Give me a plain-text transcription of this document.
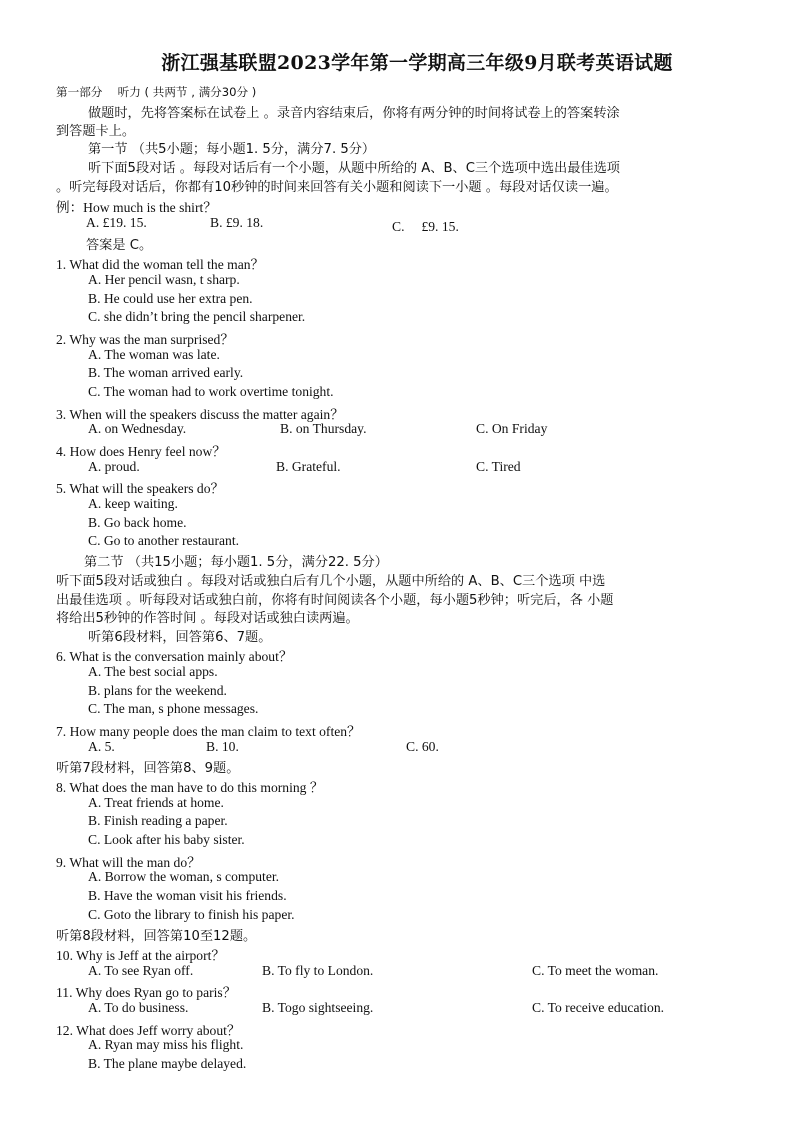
浙江强基联盟2023学年第一学期高三年级9月联考英语试题
第一部分　 听力 ( 共两节 , 满分30分 )
做题时，先将答案标在试卷上 。录音内容结束后，你将有两分钟的时间将试卷上的答案转涂
到答题卡上。
第一节 （共5小题；每小题1. 5分，满分7. 5分）
听下面5段对话 。每段对话后有一个小题，从题中所给的 A、B、C三个选项中选出最佳选项
。听完每段对话后，你都有10秒钟的时间来回答有关小题和阅读下一小题 。每段对话仅读一遍。
例：How much is the shirt？
A. £19. 15.	B. £9. 18.	C.　 £9. 15.
答案是 C。
1. What did the woman tell the man？
A. Her pencil wasn, t sharp.
B. He could use her extra pen.
C. she didn’t bring the pencil sharpener.
2. Why was the man surprised？
A. The woman was late.
B. The woman arrived early.
C. The woman had to work overtime tonight.
3. When will the speakers discuss the matter again？
A. on Wednesday.	B. on Thursday.	C. On Friday
4. How does Henry feel now？
A. proud.	B. Grateful.	C. Tired
5. What will the speakers do？
A. keep waiting.
B. Go back home.
C. Go to another restaurant.
第二节 （共15小题；每小题1. 5分，满分22. 5分）
听下面5段对话或独白 。每段对话或独白后有几个小题，从题中所给的 A、B、C三个选项 中选
出最佳选项 。听每段对话或独白前，你将有时间阅读各个小题，每小题5秒钟；听完后，各 小题
将给出5秒钟的作答时间 。每段对话或独白读两遍。
听第6段材料，回答第6、7题。
6. What is the conversation mainly about？
A. The best social apps.
B. plans for the weekend.
C. The man, s phone messages.
7. How many people does the man claim to text often？
A. 5.	B. 10.	C. 60.
听第7段材料，回答第8、9题。
8. What does the man have to do this morning ？
A. Treat friends at home.
B. Finish reading a paper.
C. Look after his baby sister.
9. What will the man do？
A. Borrow the woman, s computer.
B. Have the woman visit his friends.
C. Goto the library to finish his paper.
听第8段材料，回答第10至12题。
10. Why is Jeff at the airport？
A. To see Ryan off.	B. To fly to London.	C. To meet the woman.
11. Why does Ryan go to paris？
A. To do business.	B. Togo sightseeing.	C. To receive education.
12. What does Jeff worry about？
A. Ryan may miss his flight.
B. The plane maybe delayed.
